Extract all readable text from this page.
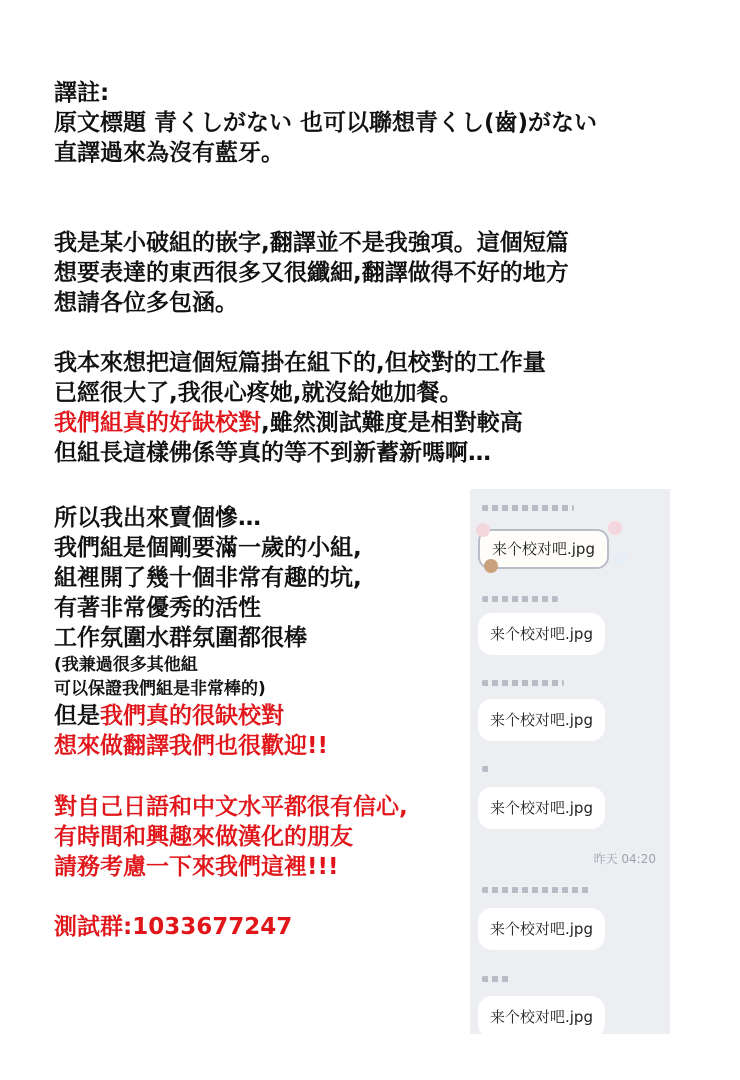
譯註:
原文標題 青くしがない 也可以聯想青くし(齒)がない
直譯過來為沒有藍牙。
我是某小破組的嵌字,翻譯並不是我強項。這個短篇
想要表達的東西很多又很纖細,翻譯做得不好的地方
想請各位多包涵。
我本來想把這個短篇掛在組下的,但校對的工作量
已經很大了,我很心疼她,就沒給她加餐。
我們組真的好缺校對,雖然測試難度是相對較高
但組長這樣佛係等真的等不到新蓄新嗎啊…
所以我出來賣個慘…
我們組是個剛要滿一歲的小組,
組裡開了幾十個非常有趣的坑,
有著非常優秀的活性
工作氛圍水群氛圍都很棒
(我兼過很多其他組
可以保證我們組是非常棒的)
但是我們真的很缺校對
想來做翻譯我們也很歡迎!!
對自己日語和中文水平都很有信心,
有時間和興趣來做漢化的朋友
請務考慮一下來我們這裡!!!
測試群:1033677247
来个校对吧.jpg
来个校对吧.jpg
来个校对吧.jpg
来个校对吧.jpg
昨天 04:20
来个校对吧.jpg
来个校对吧.jpg
